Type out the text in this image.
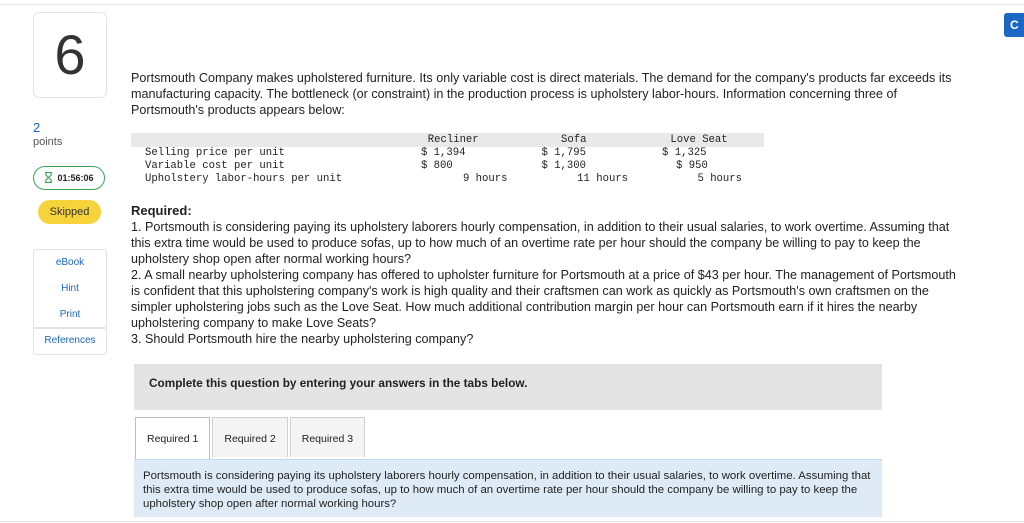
6
2
points
01:56:06
Skipped
eBook
Hint
Print
References
C
Portsmouth Company makes upholstered furniture. Its only variable cost is direct materials. The demand for the company's products far exceeds its manufacturing capacity. The bottleneck (or constraint) in the production process is upholstery labor-hours. Information concerning three of Portsmouth's products appears below:
	Recliner	Sofa	Love Seat
Selling price per unit	$ 1,394	$ 1,795	$ 1,325
Variable cost per unit	$ 800	$ 1,300	$ 950
Upholstery labor-hours per unit	9 hours	11 hours	5 hours

Required:

1. Portsmouth is considering paying its upholstery laborers hourly compensation, in addition to their usual salaries, to work overtime. Assuming that this extra time would be used to produce sofas, up to how much of an overtime rate per hour should the company be willing to pay to keep the upholstery shop open after normal working hours?

2. A small nearby upholstering company has offered to upholster furniture for Portsmouth at a price of $43 per hour. The management of Portsmouth is confident that this upholstering company's work is high quality and their craftsmen can work as quickly as Portsmouth's own craftsmen on the simpler upholstering jobs such as the Love Seat. How much additional contribution margin per hour can Portsmouth earn if it hires the nearby upholstering company to make Love Seats?

3. Should Portsmouth hire the nearby upholstering company?

Complete this question by entering your answers in the tabs below.
Required 1	Required 2	Required 3
Portsmouth is considering paying its upholstery laborers hourly compensation, in addition to their usual salaries, to work overtime. Assuming that this extra time would be used to produce sofas, up to how much of an overtime rate per hour should the company be willing to pay to keep the upholstery shop open after normal working hours?
